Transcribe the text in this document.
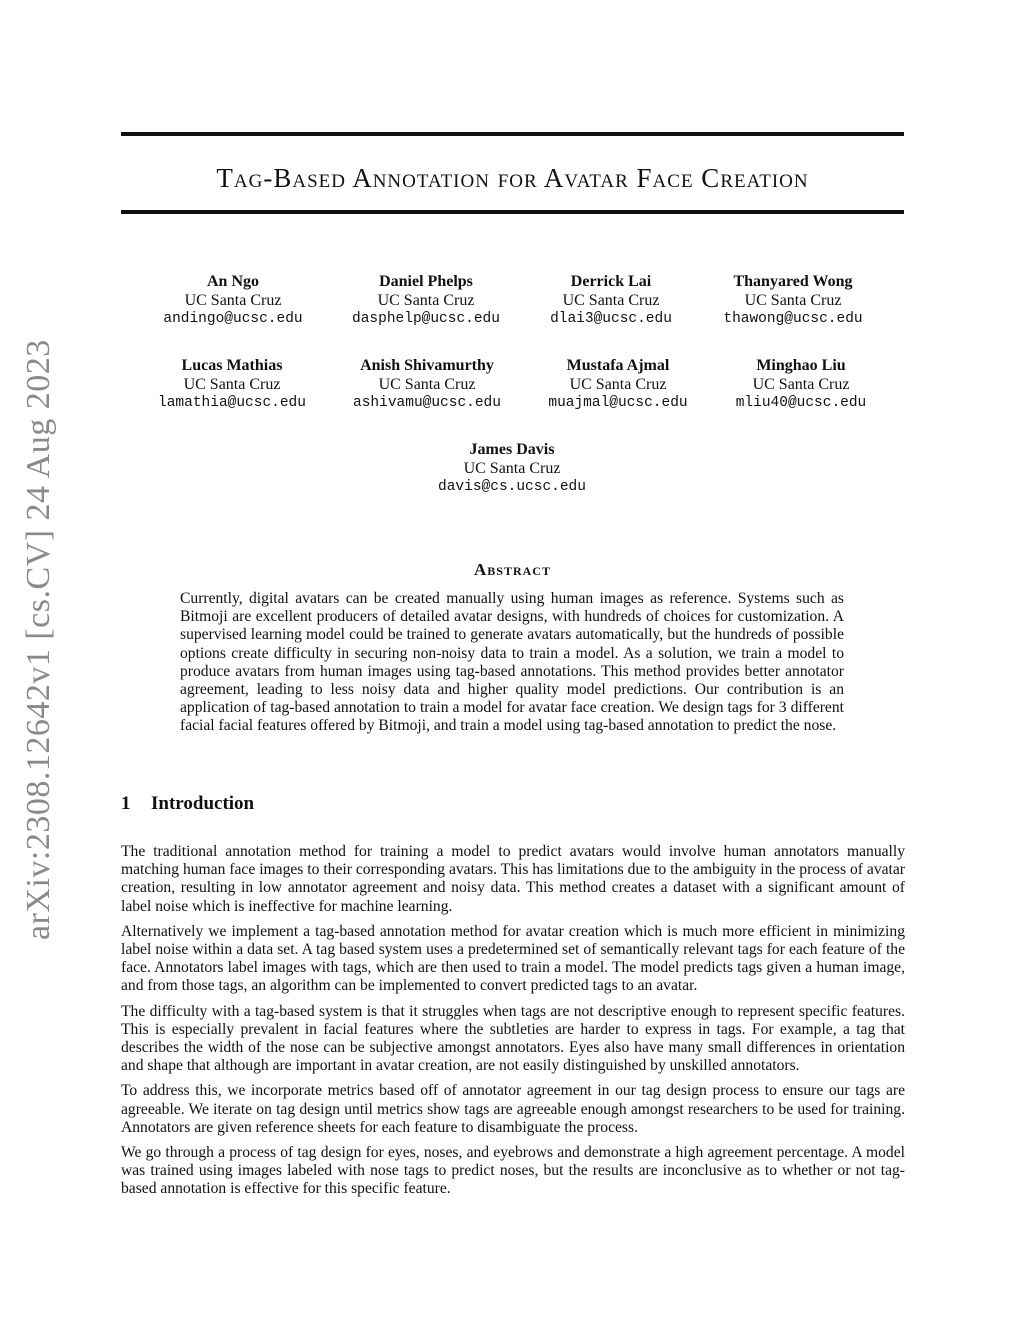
arXiv:2308.12642v1 [cs.CV] 24 Aug 2023
Tag-Based Annotation for Avatar Face Creation
An Ngo
UC Santa Cruz
andingo@ucsc.edu
Daniel Phelps
UC Santa Cruz
dasphelp@ucsc.edu
Derrick Lai
UC Santa Cruz
dlai3@ucsc.edu
Thanyared Wong
UC Santa Cruz
thawong@ucsc.edu
Lucas Mathias
UC Santa Cruz
lamathia@ucsc.edu
Anish Shivamurthy
UC Santa Cruz
ashivamu@ucsc.edu
Mustafa Ajmal
UC Santa Cruz
muajmal@ucsc.edu
Minghao Liu
UC Santa Cruz
mliu40@ucsc.edu
James Davis
UC Santa Cruz
davis@cs.ucsc.edu
Abstract
Currently, digital avatars can be created manually using human images as reference. Systems such as Bitmoji are excellent producers of detailed avatar designs, with hundreds of choices for customization. A supervised learning model could be trained to generate avatars automatically, but the hundreds of possible options create difficulty in securing non-noisy data to train a model. As a solution, we train a model to produce avatars from human images using tag-based annotations. This method provides better annotator agreement, leading to less noisy data and higher quality model predictions. Our contribution is an application of tag-based annotation to train a model for avatar face creation. We design tags for 3 different facial facial features offered by Bitmoji, and train a model using tag-based annotation to predict the nose.
1 Introduction

The traditional annotation method for training a model to predict avatars would involve human annotators manually matching human face images to their corresponding avatars. This has limitations due to the ambiguity in the process of avatar creation, resulting in low annotator agreement and noisy data. This method creates a dataset with a significant amount of label noise which is ineffective for machine learning.

Alternatively we implement a tag-based annotation method for avatar creation which is much more efficient in minimizing label noise within a data set. A tag based system uses a predetermined set of semantically relevant tags for each feature of the face. Annotators label images with tags, which are then used to train a model. The model predicts tags given a human image, and from those tags, an algorithm can be implemented to convert predicted tags to an avatar.

The difficulty with a tag-based system is that it struggles when tags are not descriptive enough to represent specific features. This is especially prevalent in facial features where the subtleties are harder to express in tags. For example, a tag that describes the width of the nose can be subjective amongst annotators. Eyes also have many small differences in orientation and shape that although are important in avatar creation, are not easily distinguished by unskilled annotators.

To address this, we incorporate metrics based off of annotator agreement in our tag design process to ensure our tags are agreeable. We iterate on tag design until metrics show tags are agreeable enough amongst researchers to be used for training. Annotators are given reference sheets for each feature to disambiguate the process.

We go through a process of tag design for eyes, noses, and eyebrows and demonstrate a high agreement percentage. A model was trained using images labeled with nose tags to predict noses, but the results are inconclusive as to whether or not tag-based annotation is effective for this specific feature.
